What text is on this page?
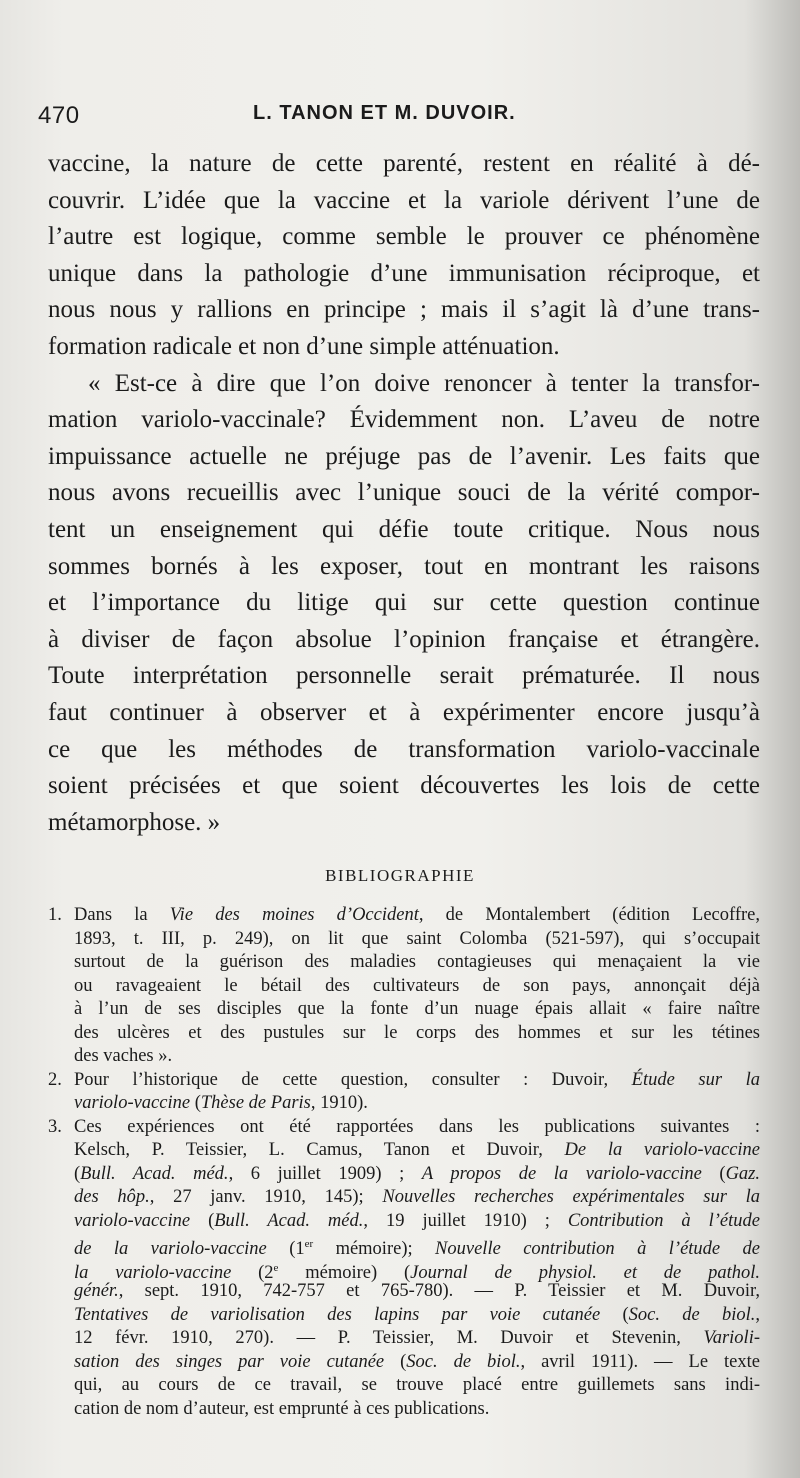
470	L. TANON ET M. DUVOIR.
vaccine, la nature de cette parenté, restent en réalité à dé-
couvrir. L’idée que la vaccine et la variole dérivent l’une de
l’autre est logique, comme semble le prouver ce phénomène
unique dans la pathologie d’une immunisation réciproque, et
nous nous y rallions en principe ; mais il s’agit là d’une trans-
formation radicale et non d’une simple atténuation.
« Est-ce à dire que l’on doive renoncer à tenter la transfor-
mation variolo-vaccinale? Évidemment non. L’aveu de notre
impuissance actuelle ne préjuge pas de l’avenir. Les faits que
nous avons recueillis avec l’unique souci de la vérité compor-
tent un enseignement qui défie toute critique. Nous nous
sommes bornés à les exposer, tout en montrant les raisons
et l’importance du litige qui sur cette question continue
à diviser de façon absolue l’opinion française et étrangère.
Toute interprétation personnelle serait prématurée. Il nous
faut continuer à observer et à expérimenter encore jusqu’à
ce que les méthodes de transformation variolo-vaccinale
soient précisées et que soient découvertes les lois de cette
métamorphose. »
BIBLIOGRAPHIE
1. Dans la Vie des moines d’Occident, de Montalembert (édition Lecoffre,
1893, t. III, p. 249), on lit que saint Colomba (521-597), qui s’occupait
surtout de la guérison des maladies contagieuses qui menaçaient la vie
ou ravageaient le bétail des cultivateurs de son pays, annonçait déjà
à l’un de ses disciples que la fonte d’un nuage épais allait « faire naître
des ulcères et des pustules sur le corps des hommes et sur les tétines
des vaches ».
2. Pour l’historique de cette question, consulter : Duvoir, Étude sur la
variolo-vaccine (Thèse de Paris, 1910).
3. Ces expériences ont été rapportées dans les publications suivantes :
Kelsch, P. Teissier, L. Camus, Tanon et Duvoir, De la variolo-vaccine
(Bull. Acad. méd., 6 juillet 1909) ; A propos de la variolo-vaccine (Gaz.
des hôp., 27 janv. 1910, 145); Nouvelles recherches expérimentales sur la
variolo-vaccine (Bull. Acad. méd., 19 juillet 1910) ; Contribution à l’étude
de la variolo-vaccine (1er mémoire); Nouvelle contribution à l’étude de
la variolo-vaccine (2e mémoire) (Journal de physiol. et de pathol.
génér., sept. 1910, 742-757 et 765-780). — P. Teissier et M. Duvoir,
Tentatives de variolisation des lapins par voie cutanée (Soc. de biol.,
12 févr. 1910, 270). — P. Teissier, M. Duvoir et Stevenin, Varioli-
sation des singes par voie cutanée (Soc. de biol., avril 1911). — Le texte
qui, au cours de ce travail, se trouve placé entre guillemets sans indi-
cation de nom d’auteur, est emprunté à ces publications.
